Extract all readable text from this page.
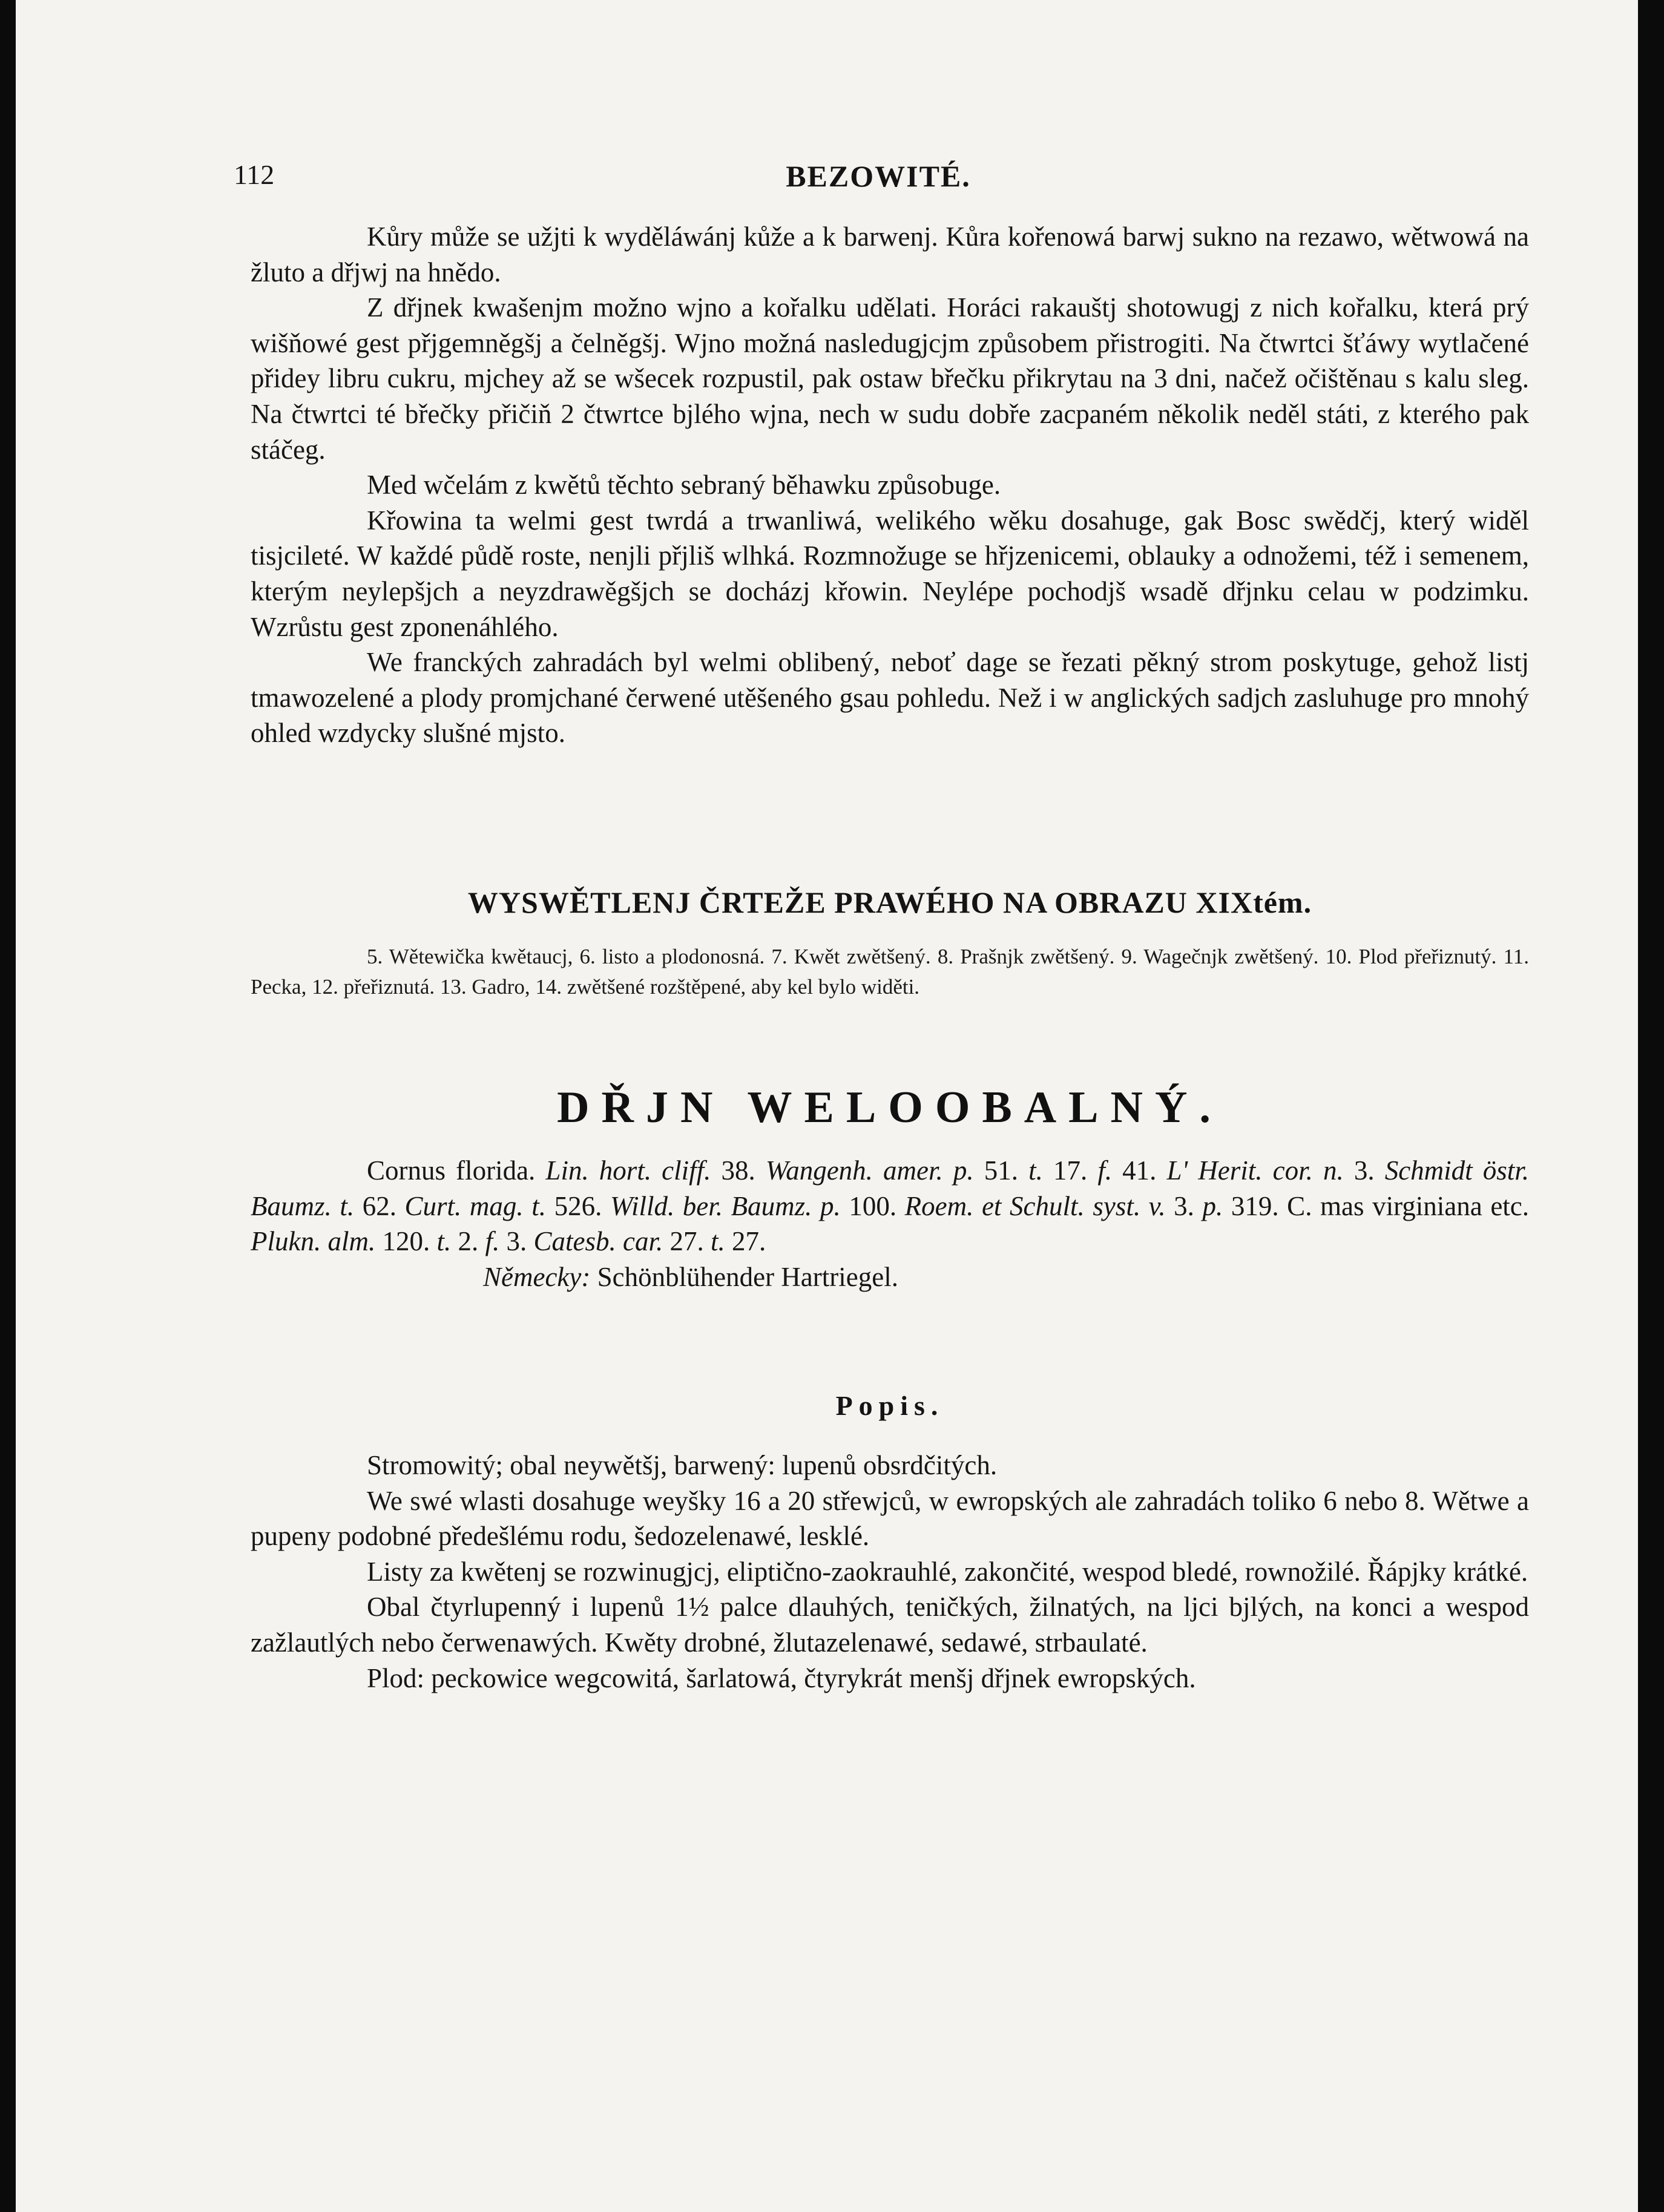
112	BEZOWITÉ.

Kůry může se užjti k wyděláwánj kůže a k barwenj. Kůra kořenowá barwj sukno na rezawo, wětwowá na žluto a dřjwj na hnědo.

Z dřjnek kwašenjm možno wjno a kořalku udělati. Horáci rakauštj shotowugj z nich kořalku, která prý wišňowé gest přjgemněgšj a čelněgšj. Wjno možná nasledugjcjm způsobem přistrogiti. Na čtwrtci šťáwy wytlačené přidey libru cukru, mjchey až se wšecek rozpustil, pak ostaw břečku přikrytau na 3 dni, načež očištěnau s kalu sleg. Na čtwrtci té břečky přičiň 2 čtwrtce bjlého wjna, nech w sudu dobře zacpaném několik neděl státi, z kterého pak stáčeg.

Med wčelám z kwětů těchto sebraný běhawku způsobuge.

Křowina ta welmi gest twrdá a trwanliwá, welikého wěku dosahuge, gak Bosc swědčj, který widěl tisjcileté. W každé půdě roste, nenjli přjliš wlhká. Rozmnožuge se hřjzenicemi, oblauky a odnožemi, též i semenem, kterým neylepšjch a neyzdrawěgšjch se docházj křowin. Neylépe pochodjš wsadě dřjnku celau w podzimku. Wzrůstu gest zponenáhlého.

We franckých zahradách byl welmi oblibený, neboť dage se řezati pěkný strom poskytuge, gehož listj tmawozelené a plody promjchané čerwené utěšeného gsau pohledu. Než i w anglických sadjch zasluhuge pro mnohý ohled wzdycky slušné mjsto.

WYSWĚTLENJ ČRTEŽE PRAWÉHO NA OBRAZU XIXtém.

5. Wětewička kwětaucj, 6. listo a plodonosná. 7. Kwět zwětšený. 8. Prašnjk zwětšený. 9. Wagečnjk zwětšený. 10. Plod přeřiznutý. 11. Pecka, 12. přeřiznutá. 13. Gadro, 14. zwětšené rozštěpené, aby kel bylo widěti.

DŘJN WELOOBALNÝ.

Cornus florida. Lin. hort. cliff. 38. Wangenh. amer. p. 51. t. 17. f. 41. L' Herit. cor. n. 3. Schmidt östr. Baumz. t. 62. Curt. mag. t. 526. Willd. ber. Baumz. p. 100. Roem. et Schult. syst. v. 3. p. 319. C. mas virginiana etc. Plukn. alm. 120. t. 2. f. 3. Catesb. car. 27. t. 27.

Německy: Schönblühender Hartriegel.

Popis.

Stromowitý; obal neywětšj, barwený: lupenů obsrdčitých.

We swé wlasti dosahuge weyšky 16 a 20 střewjců, w ewropských ale zahradách toliko 6 nebo 8. Wětwe a pupeny podobné předešlému rodu, šedozelenawé, lesklé.

Listy za kwětenj se rozwinugjcj, eliptično-zaokrauhlé, zakončité, wespod bledé, rownožilé. Řápjky krátké.

Obal čtyrlupenný i lupenů 1½ palce dlauhých, teničkých, žilnatých, na ljci bjlých, na konci a wespod zažlautlých nebo čerwenawých. Kwěty drobné, žlutazelenawé, sedawé, strbaulaté.

Plod: peckowice wegcowitá, šarlatowá, čtyrykrát menšj dřjnek ewropských.
